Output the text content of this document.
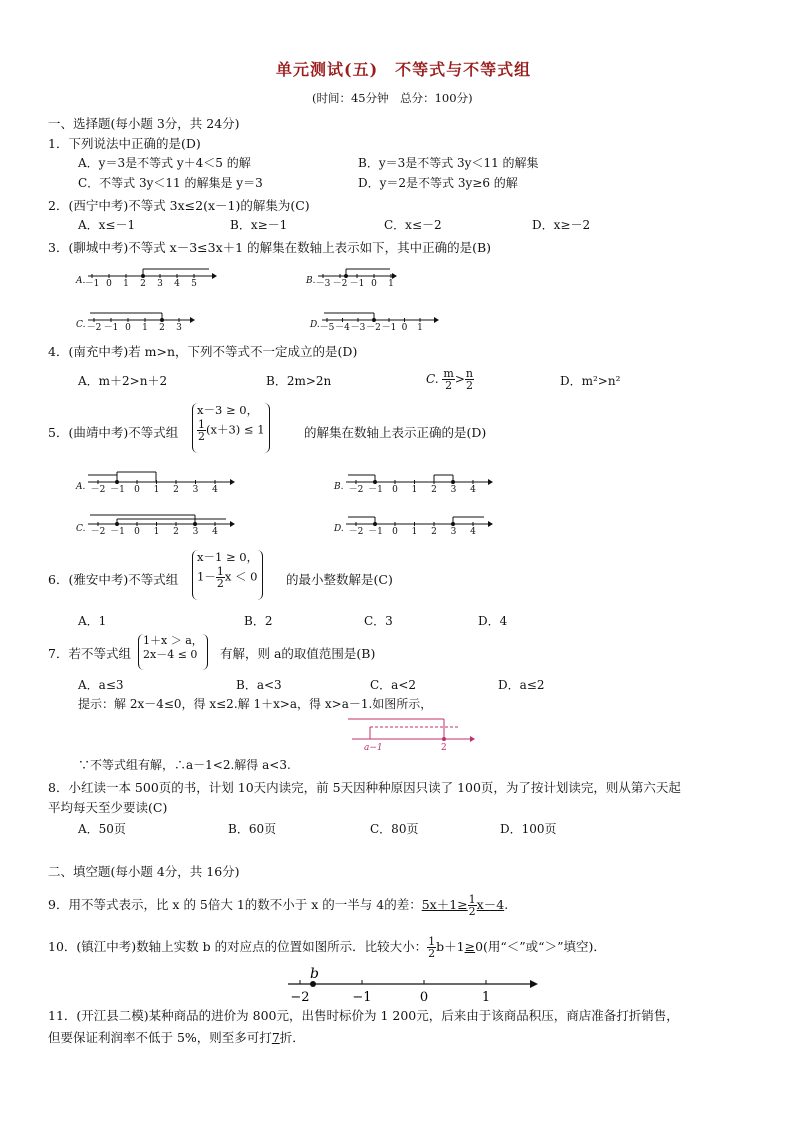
单元测试(五)　不等式与不等式组
(时间：45分钟　总分：100分)
一、选择题(每小题 3分，共 24分)
1．下列说法中正确的是(D)
A．y＝3是不等式 y＋4＜5 的解	B．y＝3是不等式 3y＜11 的解集
C．不等式 3y＜11 的解集是 y＝3	D．y＝2是不等式 3y≥6 的解
2．(西宁中考)不等式 3x≤2(x－1)的解集为(C)
A．x≤－1	B．x≥－1	C．x≤－2	D．x≥－2
3．(聊城中考)不等式 x－3≤3x＋1 的解集在数轴上表示如下，其中正确的是(B)
A. －1 0 1 2 3 4 5	B. －3 －2 －1 0 1
C. －2 －1 0 1 2 3	D. －5 －4 －3 －2 －1 0 1
4．(南充中考)若 m>n，下列不等式不一定成立的是(D)
A．m＋2>n＋2	B．2m>2n	C. $\frac{m}{2} > \frac{n}{2}$	D．m²>n²
5．(曲靖中考)不等式组
x－3 ≥ 0，
$\frac{1}{2} (x+3) \le 1$	的解集在数轴上表示正确的是(D)
A. －2 －1 0 1 2 3 4	B. －2 －1 0 1 2 3 4
C. －2 －1 0 1 2 3 4	D. －2 －1 0 1 2 3 4
6．(雅安中考)不等式组
x－1 ≥ 0，
$1- \frac{1}{2}$ x ＜ 0 的最小整数解是(C)
A．1	B．2	C．3	D．4
7．若不等式组
1＋x ＞ a，
2x－4 ≤ 0	有解，则 a的取值范围是(B)
A．a≤3	B．a<3	C．a<2	D．a≤2
提示：解 2x－4≤0，得 x≤2.解 1＋x>a，得 x>a－1.如图所示，
a−1	2
∵不等式组有解，∴a－1<2.解得 a<3.
8．小红读一本 500页的书，计划 10天内读完，前 5天因种种原因只读了 100页，为了按计划读完，则从第六天起
平均每天至少要读(C)
A．50页	B．60页	C．80页	D．100页
二、填空题(每小题 4分，共 16分)
9．用不等式表示，比 x 的 5倍大 1的数不小于 x 的一半与 4的差：$5x+1\ge \frac{1}{2} x-4$.
10．(镇江中考)数轴上实数 b 的对应点的位置如图所示．比较大小： $\frac{1}{2} b+1\ge 0$(用“＜”或“＞”填空)．
b
−2	−1	0	1
11．(开江县二模)某种商品的进价为 800元，出售时标价为 1 200元，后来由于该商品积压，商店准备打折销售，
但要保证利润率不低于 5%，则至多可打7折．
